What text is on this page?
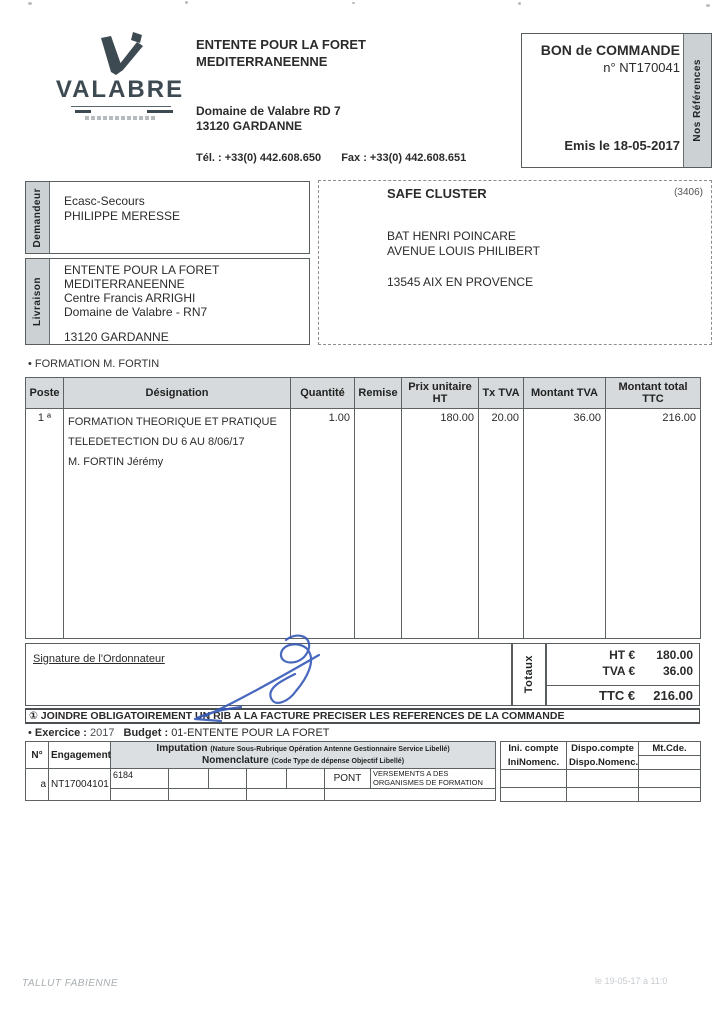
VALABRE
ENTENTE POUR LA FORET
MEDITERRANEENNE
Domaine de Valabre RD 7
13120 GARDANNE
Tél. : +33(0) 442.608.650 Fax : +33(0) 442.608.651
Nos Références
BON de COMMANDE
n° NT170041
Emis le 18-05-2017
Demandeur Ecasc-Secours
PHILIPPE MERESSE
Livraison
ENTENTE POUR LA FORET
MEDITERRANEENNE
Centre Francis ARRIGHI
Domaine de Valabre - RN7
13120 GARDANNE
SAFE CLUSTER	(3406)
BAT HENRI POINCARE
AVENUE LOUIS PHILIBERT
13545 AIX EN PROVENCE
• FORMATION M. FORTIN
Poste	Désignation	Quantité	Remise	Prix unitaire HT	Tx TVA	Montant TVA	Montant total TTC
1 ª	FORMATION THEORIQUE ET PRATIQUE
TELEDETECTION DU 6 AU 8/06/17
M. FORTIN Jérémy	1.00		180.00	20.00	36.00	216.00
Signature de l'Ordonnateur	Totaux
HT €	180.00
TVA €	36.00
TTC €	216.00
① JOINDRE OBLIGATOIREMENT UN RIB A LA FACTURE PRECISER LES REFERENCES DE LA COMMANDE
• Exercice : 2017 Budget : 01-ENTENTE POUR LA FORET
N°	Engagement	Imputation (Nature Sous-Rubrique Opération Antenne Gestionnaire Service Libellé)
Nomenclature (Code Type de dépense Objectif Libellé)						

a	NT17004101	6184					PONT	VERSEMENTS A DES ORGANISMES DE FORMATION

Ini. compte	Dispo.compte	Mt.Cde.
IniNomenc.	Dispo.Nomenc.	

TALLUT FABIENNE	le 19-05-17 à 11:0
